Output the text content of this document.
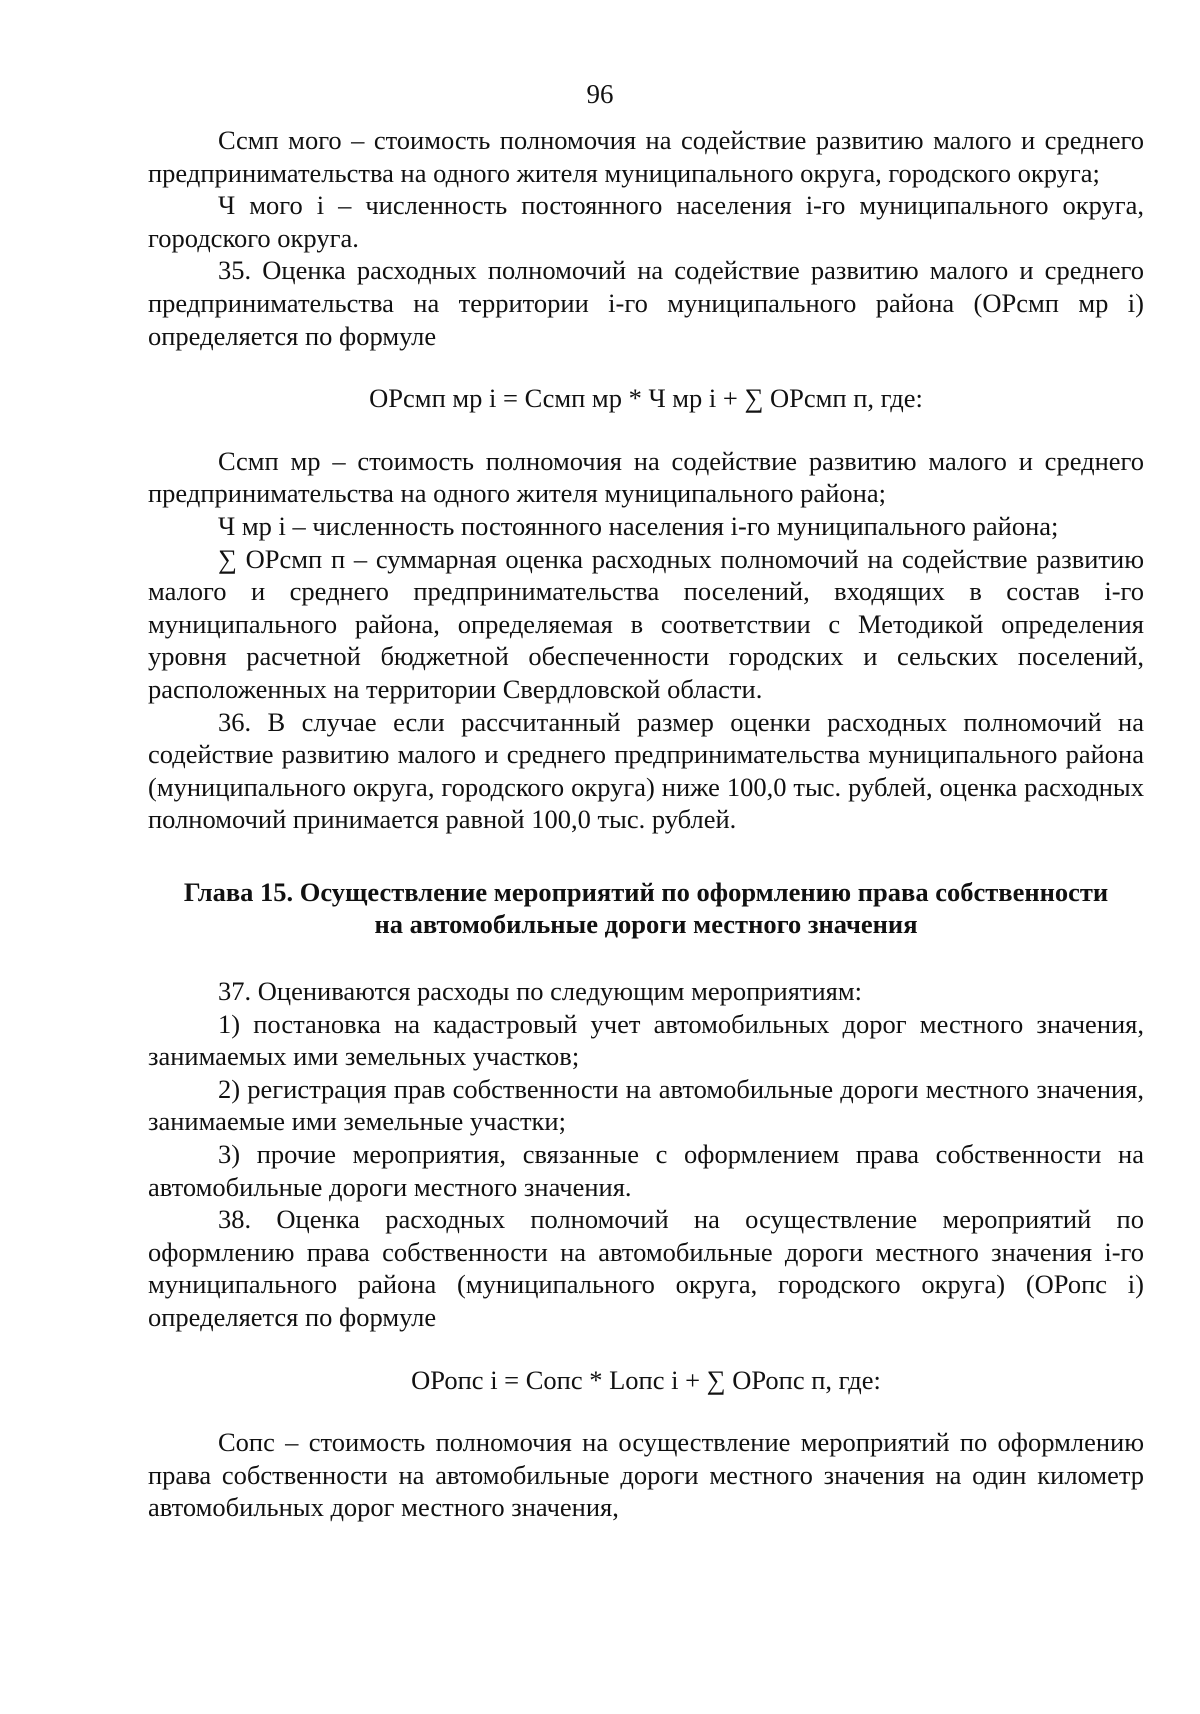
96

Ссмп мого – стоимость полномочия на содействие развитию малого и среднего предпринимательства на одного жителя муниципального округа, городского округа;

Ч мого i – численность постоянного населения i-го муниципального округа, городского округа.

35. Оценка расходных полномочий на содействие развитию малого и среднего предпринимательства на территории i-го муниципального района (ОРсмп мр i) определяется по формуле

ОРсмп мр i = Ссмп мр * Ч мр i + ∑ ОРсмп п, где:

Ссмп мр – стоимость полномочия на содействие развитию малого и среднего предпринимательства на одного жителя муниципального района;

Ч мр i – численность постоянного населения i-го муниципального района;

∑ ОРсмп п – суммарная оценка расходных полномочий на содействие развитию малого и среднего предпринимательства поселений, входящих в состав i-го муниципального района, определяемая в соответствии с Методикой определения уровня расчетной бюджетной обеспеченности городских и сельских поселений, расположенных на территории Свердловской области.

36. В случае если рассчитанный размер оценки расходных полномочий на содействие развитию малого и среднего предпринимательства муниципального района (муниципального округа, городского округа) ниже 100,0 тыс. рублей, оценка расходных полномочий принимается равной 100,0 тыс. рублей.

Глава 15. Осуществление мероприятий по оформлению права собственности
на автомобильные дороги местного значения

37. Оцениваются расходы по следующим мероприятиям:

1) постановка на кадастровый учет автомобильных дорог местного значения, занимаемых ими земельных участков;

2) регистрация прав собственности на автомобильные дороги местного значения, занимаемые ими земельные участки;

3) прочие мероприятия, связанные с оформлением права собственности на автомобильные дороги местного значения.

38. Оценка расходных полномочий на осуществление мероприятий по оформлению права собственности на автомобильные дороги местного значения i-го муниципального района (муниципального округа, городского округа) (ОРопс i) определяется по формуле

ОРопс i = Сопс * Lопс i + ∑ ОРопс п, где:

Сопс – стоимость полномочия на осуществление мероприятий по оформлению права собственности на автомобильные дороги местного значения на один километр автомобильных дорог местного значения,
